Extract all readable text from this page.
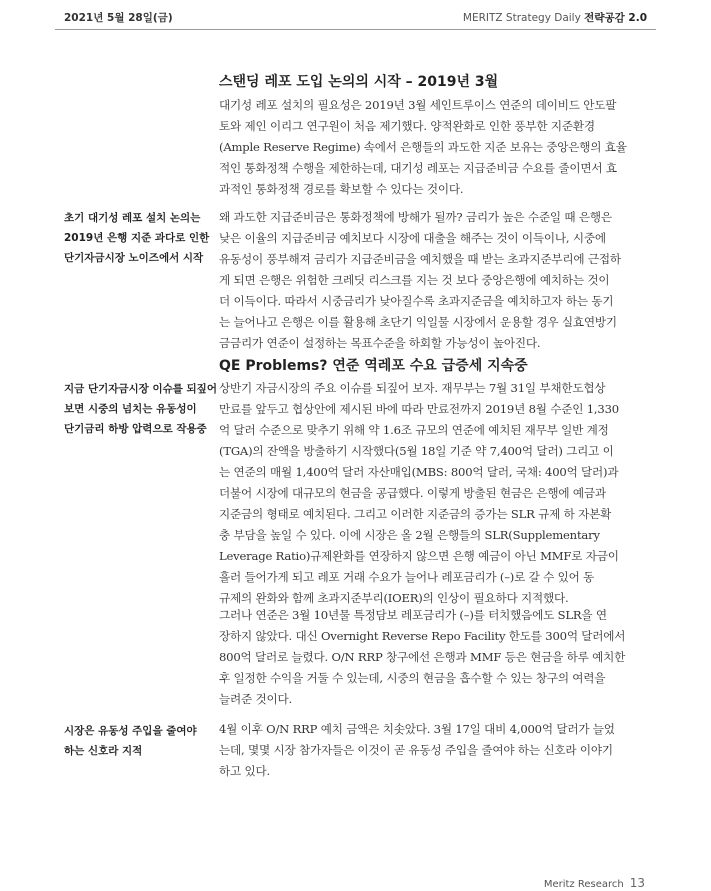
2021년 5월 28일(금)	MERITZ Strategy Daily 전략공감 2.0
스탠딩 레포 도입 논의의 시작 – 2019년 3월
대기성 레포 설치의 필요성은 2019년 3월 세인트루이스 연준의 데이비드 안도팔
토와 제인 이리그 연구원이 처음 제기했다. 양적완화로 인한 풍부한 지준환경
(Ample Reserve Regime) 속에서 은행들의 과도한 지준 보유는 중앙은행의 효율
적인 통화정책 수행을 제한하는데, 대기성 레포는 지급준비금 수요를 줄이면서 효
과적인 통화정책 경로를 확보할 수 있다는 것이다.
초기 대기성 레포 설치 논의는
2019년 은행 지준 과다로 인한
단기자금시장 노이즈에서 시작
왜 과도한 지급준비금은 통화정책에 방해가 될까? 금리가 높은 수준일 때 은행은
낮은 이율의 지급준비금 예치보다 시장에 대출을 해주는 것이 이득이나, 시중에
유동성이 풍부해져 금리가 지급준비금을 예치했을 때 받는 초과지준부리에 근접하
게 되면 은행은 위험한 크레딧 리스크를 지는 것 보다 중앙은행에 예치하는 것이
더 이득이다. 따라서 시중금리가 낮아질수록 초과지준금을 예치하고자 하는 동기
는 늘어나고 은행은 이를 활용해 초단기 익일물 시장에서 운용할 경우 실효연방기
금금리가 연준이 설정하는 목표수준을 하회할 가능성이 높아진다.
QE Problems? 연준 역레포 수요 급증세 지속중
지금 단기자금시장 이슈를 되짚어
보면 시중의 넘치는 유동성이
단기금리 하방 압력으로 작용중
상반기 자금시장의 주요 이슈를 되짚어 보자. 재무부는 7월 31일 부채한도협상
만료를 앞두고 협상안에 제시된 바에 따라 만료전까지 2019년 8월 수준인 1,330
억 달러 수준으로 맞추기 위해 약 1.6조 규모의 연준에 예치된 재무부 일반 계정
(TGA)의 잔액을 방출하기 시작했다(5월 18일 기준 약 7,400억 달러) 그리고 이
는 연준의 매월 1,400억 달러 자산매입(MBS: 800억 달러, 국채: 400억 달러)과
더불어 시장에 대규모의 현금을 공급했다. 이렇게 방출된 현금은 은행에 예금과
지준금의 형태로 예치된다. 그리고 이러한 지준금의 증가는 SLR 규제 하 자본확
충 부담을 높일 수 있다. 이에 시장은 올 2월 은행들의 SLR(Supplementary
Leverage Ratio)규제완화를 연장하지 않으면 은행 예금이 아닌 MMF로 자금이
흘러 들어가게 되고 레포 거래 수요가 늘어나 레포금리가 (–)로 갈 수 있어 동
규제의 완화와 함께 초과지준부리(IOER)의 인상이 필요하다 지적했다.
그러나 연준은 3월 10년물 특정담보 레포금리가 (–)를 터치했음에도 SLR을 연
장하지 않았다. 대신 Overnight Reverse Repo Facility 한도를 300억 달러에서
800억 달러로 늘렸다. O/N RRP 창구에선 은행과 MMF 등은 현금을 하루 예치한
후 일정한 수익을 거둘 수 있는데, 시중의 현금을 흡수할 수 있는 창구의 여력을
늘려준 것이다.
시장은 유동성 주입을 줄여야
하는 신호라 지적
4월 이후 O/N RRP 예치 금액은 치솟았다. 3월 17일 대비 4,000억 달러가 늘었
는데, 몇몇 시장 참가자들은 이것이 곧 유동성 주입을 줄여야 하는 신호라 이야기
하고 있다.
Meritz Research 13
